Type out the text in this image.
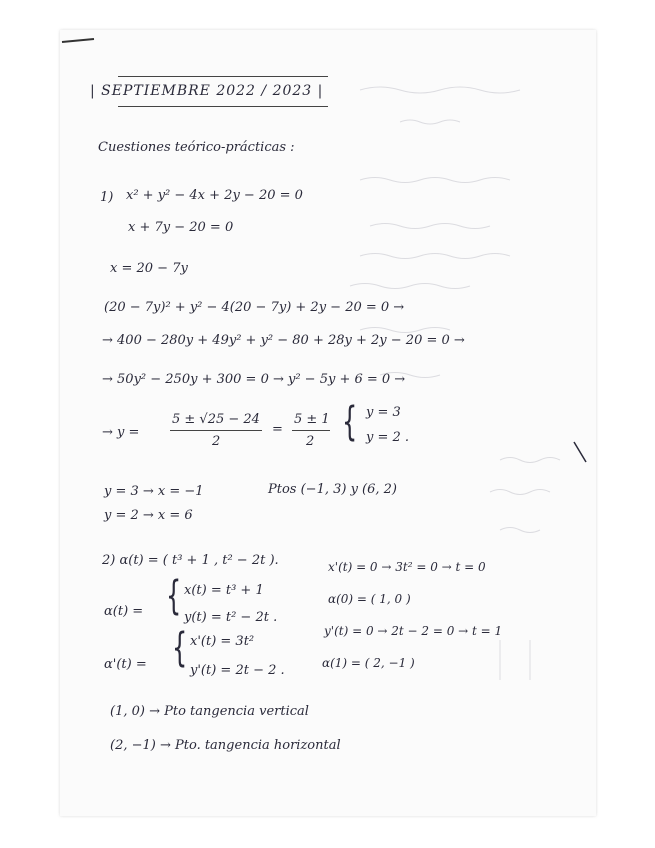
| SEPTIEMBRE 2022 / 2023 |
Cuestiones teórico-prácticas :
1) x² + y² − 4x + 2y − 20 = 0
x + 7y − 20 = 0
x = 20 − 7y
(20 − 7y)² + y² − 4(20 − 7y) + 2y − 20 = 0 →
→ 400 − 280y + 49y² + y² − 80 + 28y + 2y − 20 = 0 →
→ 50y² − 250y + 300 = 0 → y² − 5y + 6 = 0 →
→ y =
5 ± √25 − 24
2
=
5 ± 1
2 { y = 3
y = 2 .
y = 3 → x = −1
y = 2 → x = 6
Ptos (−1, 3) y (6, 2)
2) α(t) = ( t³ + 1 , t² − 2t ).
α(t) = { x(t) = t³ + 1
y(t) = t² − 2t .
α'(t) = { x'(t) = 3t²
y'(t) = 2t − 2 .
x'(t) = 0 → 3t² = 0 → t = 0
α(0) = ( 1, 0 )
y'(t) = 0 → 2t − 2 = 0 → t = 1
α(1) = ( 2, −1 )
(1, 0) → Pto tangencia vertical
(2, −1) → Pto. tangencia horizontal
